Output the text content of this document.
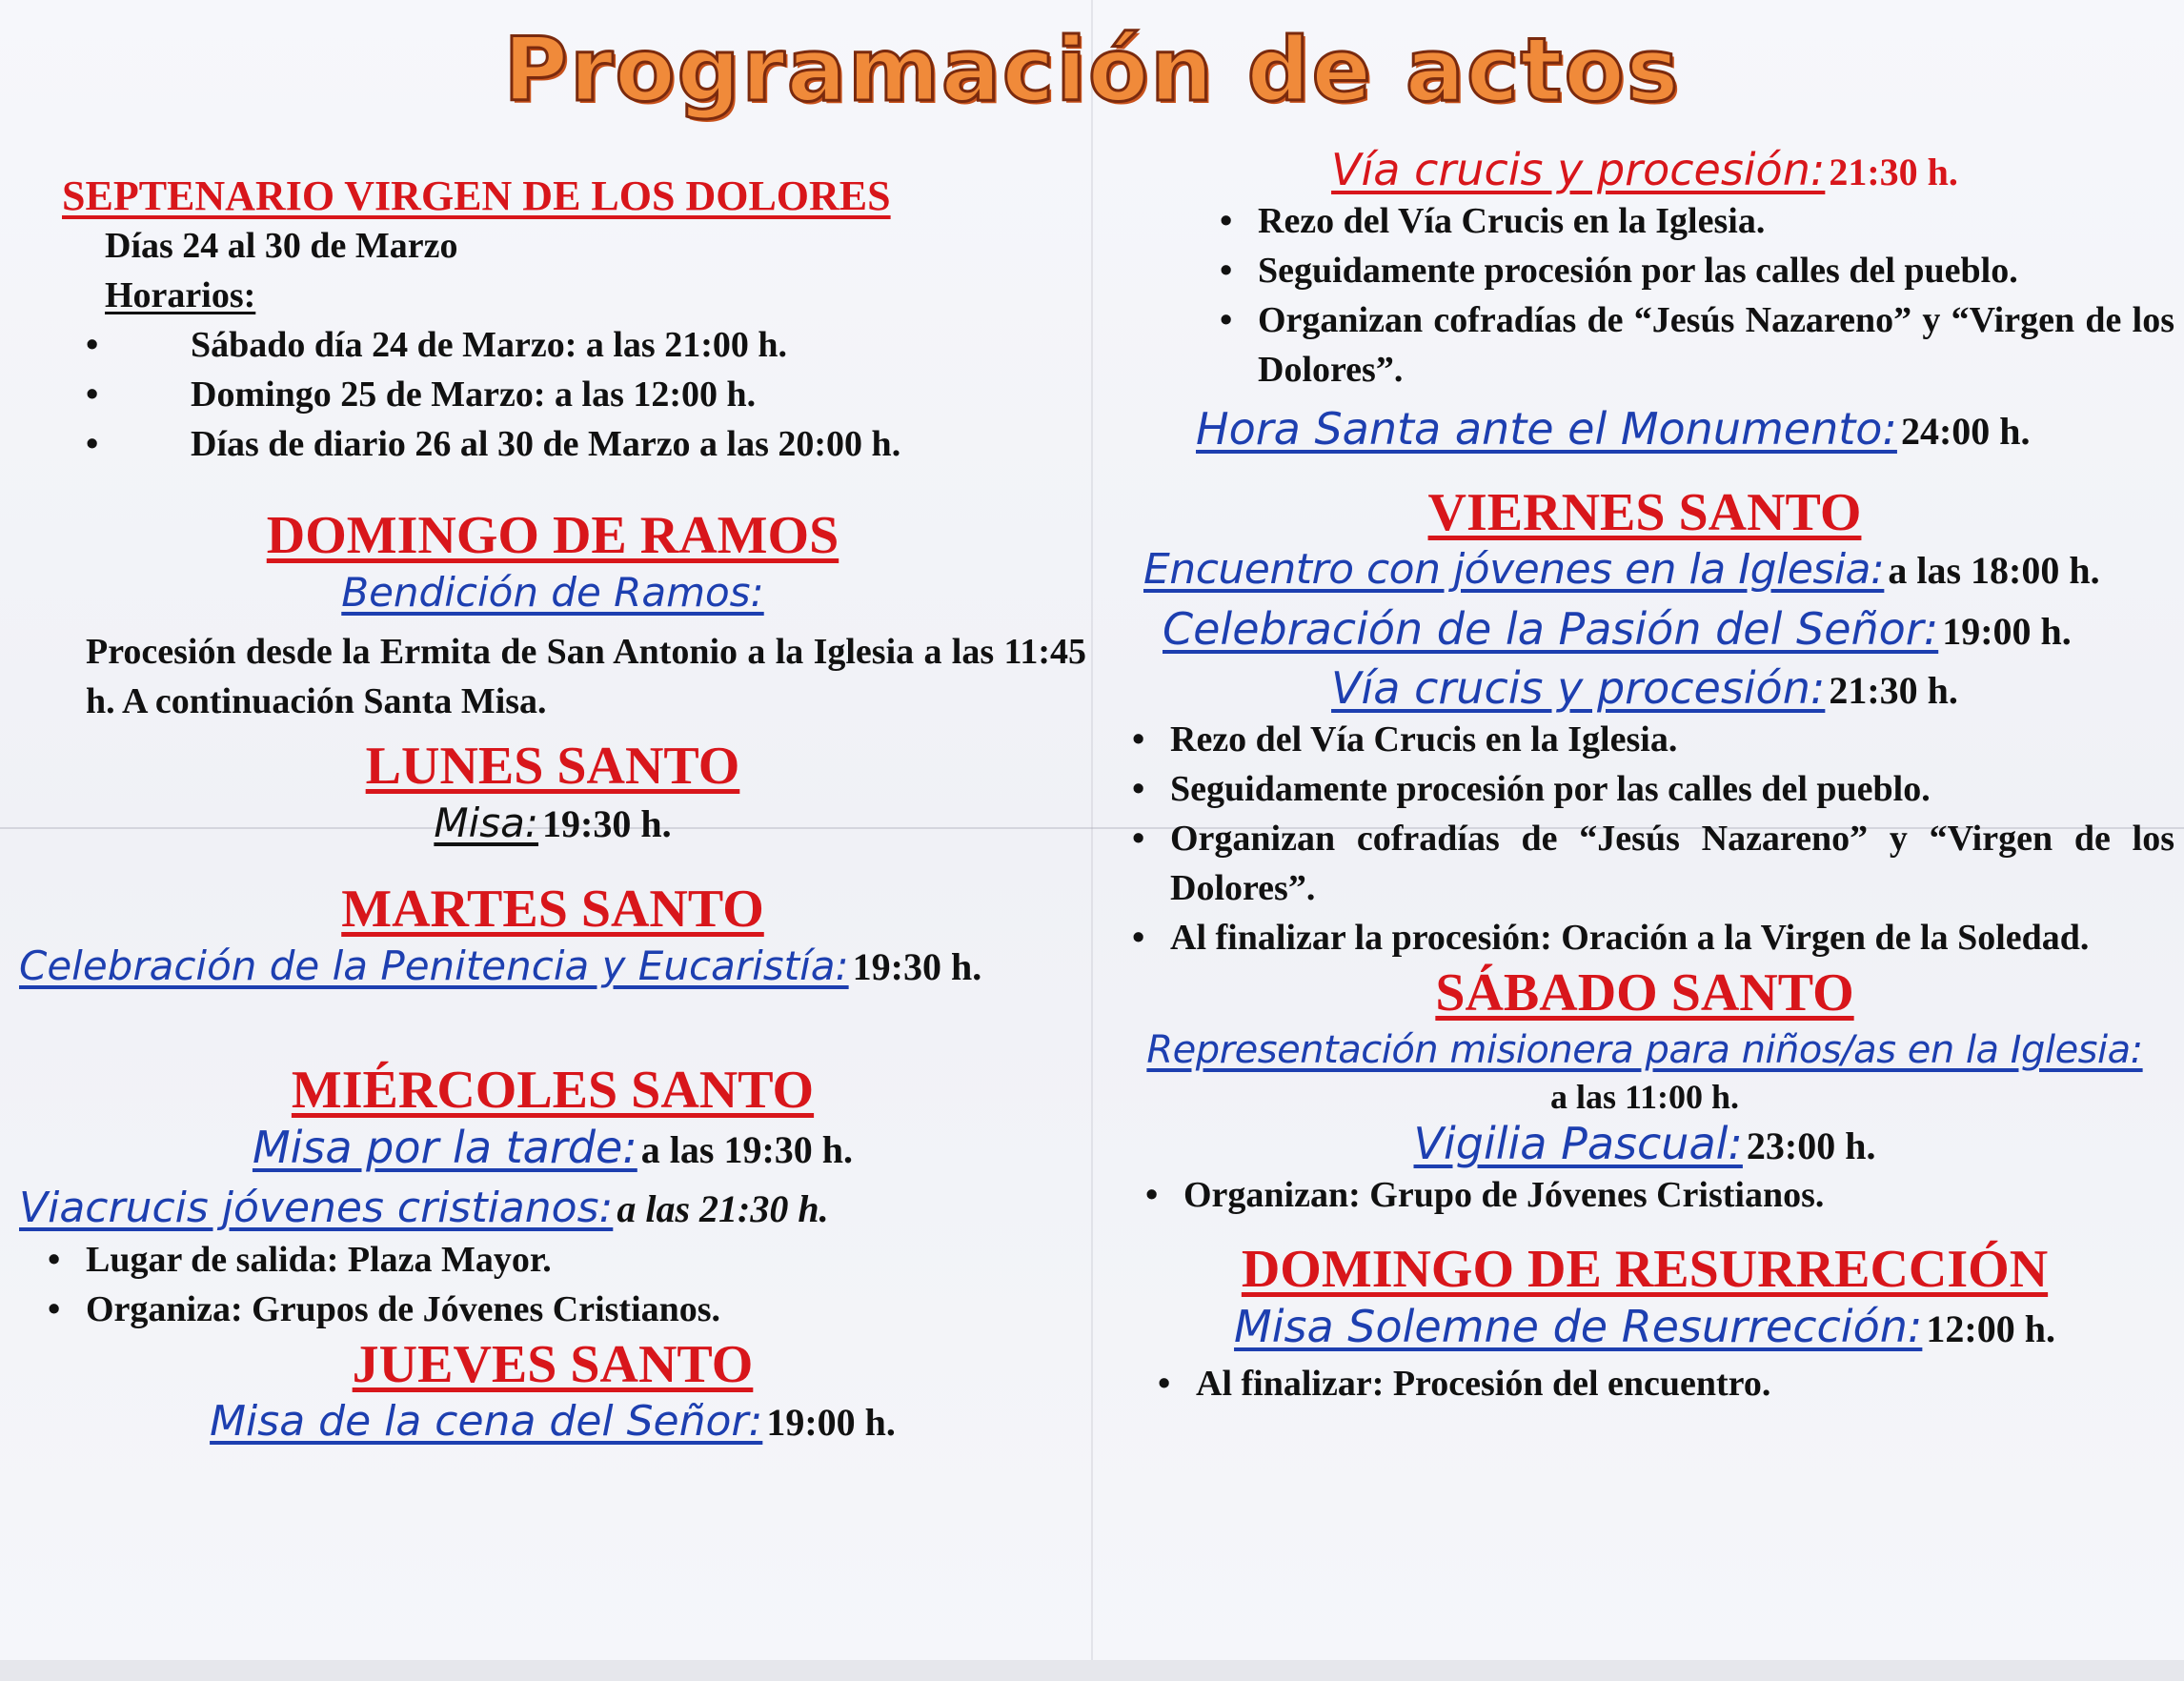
Programación de actos
SEPTENARIO VIRGEN DE LOS DOLORES
Días 24 al 30 de Marzo
Horarios:
• Sábado día 24 de Marzo: a las 21:00 h.
• Domingo 25 de Marzo: a las 12:00 h.
• Días de diario 26 al 30 de Marzo a las 20:00 h.
DOMINGO DE RAMOS
Bendición de Ramos:
Procesión desde la Ermita de San Antonio a la Iglesia a las 11:45 h. A continuación Santa Misa.
LUNES SANTO
Misa: 19:30 h.
MARTES SANTO
Celebración de la Penitencia y Eucaristía: 19:30 h.
MIÉRCOLES SANTO
Misa por la tarde: a las 19:30 h.
Viacrucis jóvenes cristianos: a las 21:30 h.
• Lugar de salida: Plaza Mayor.
• Organiza: Grupos de Jóvenes Cristianos.
JUEVES SANTO
Misa de la cena del Señor: 19:00 h.
Vía crucis y procesión: 21:30 h.
• Rezo del Vía Crucis en la Iglesia.
• Seguidamente procesión por las calles del pueblo.
• Organizan cofradías de “Jesús Nazareno” y “Virgen de los Dolores”.
Hora Santa ante el Monumento: 24:00 h.
VIERNES SANTO
Encuentro con jóvenes en la Iglesia: a las 18:00 h.
Celebración de la Pasión del Señor: 19:00 h.
Vía crucis y procesión: 21:30 h.
• Rezo del Vía Crucis en la Iglesia.
• Seguidamente procesión por las calles del pueblo.
• Organizan cofradías de “Jesús Nazareno” y “Virgen de los Dolores”.
• Al finalizar la procesión: Oración a la Virgen de la Soledad.
SÁBADO SANTO
Representación misionera para niños/as en la Iglesia:
a las 11:00 h.
Vigilia Pascual: 23:00 h.
• Organizan: Grupo de Jóvenes Cristianos.
DOMINGO DE RESURRECCIÓN
Misa Solemne de Resurrección: 12:00 h.
• Al finalizar: Procesión del encuentro.
